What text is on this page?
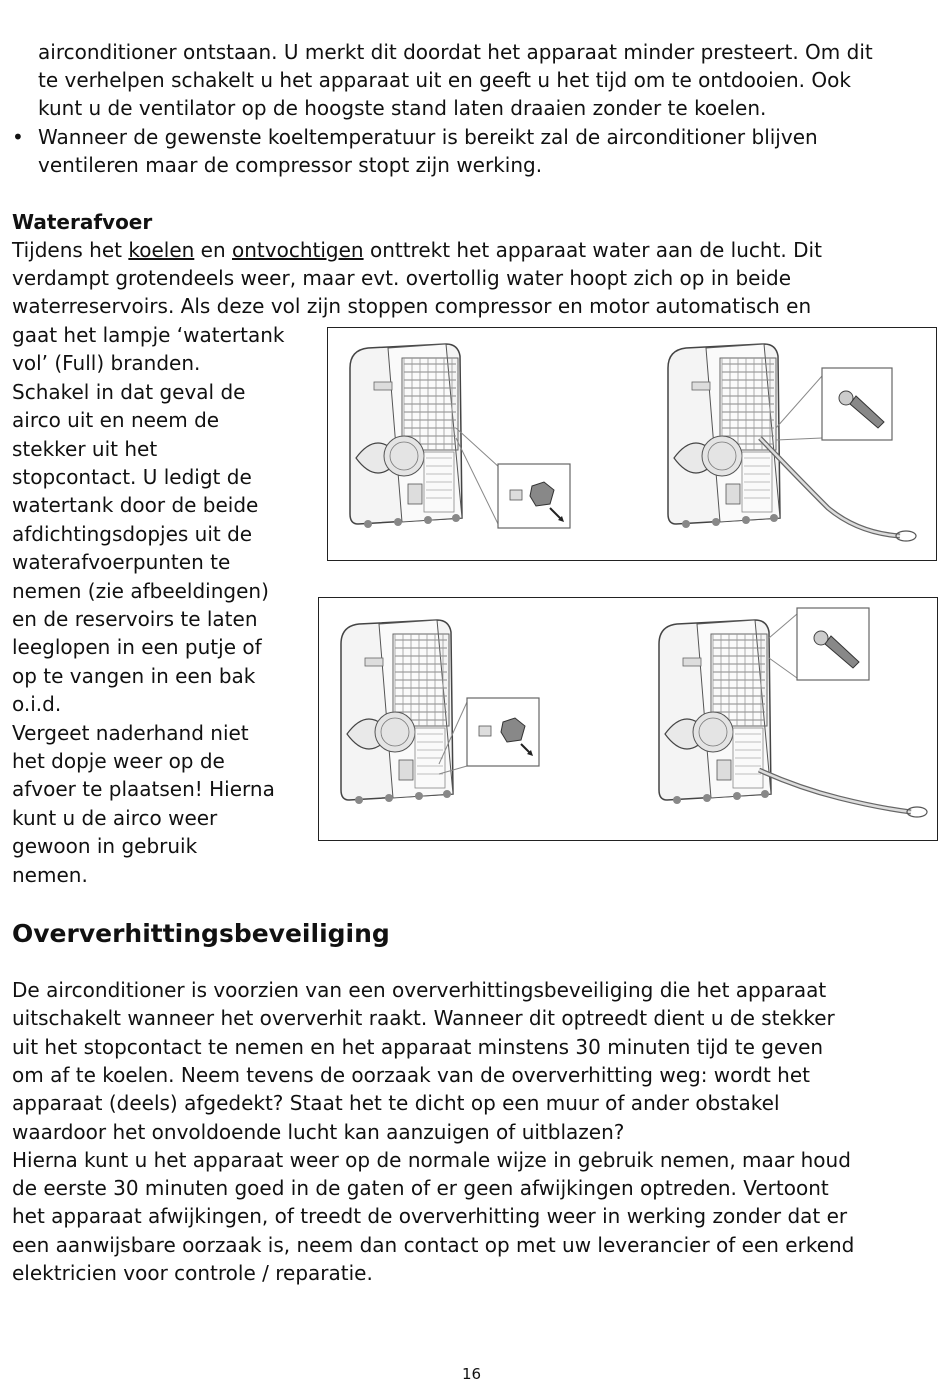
airconditioner ontstaan. U merkt dit doordat het apparaat minder presteert. Om dit
te verhelpen schakelt u het apparaat uit en geeft u het tijd om te ontdooien. Ook
kunt u de ventilator op de hoogste stand laten draaien zonder te koelen.
• Wanneer de gewenste koeltemperatuur is bereikt zal de airconditioner blijven
ventileren maar de compressor stopt zijn werking.
Waterafvoer
Tijdens het koelen en ontvochtigen onttrekt het apparaat water aan de lucht. Dit
verdampt grotendeels weer, maar evt. overtollig water hoopt zich op in beide
waterreservoirs. Als deze vol zijn stoppen compressor en motor automatisch en
gaat het lampje ‘watertank
vol’ (Full) branden.
Schakel in dat geval de
airco uit en neem de
stekker uit het
stopcontact. U ledigt de
watertank door de beide
afdichtingsdopjes uit de
waterafvoerpunten te
nemen (zie afbeeldingen)
en de reservoirs te laten
leeglopen in een putje of
op te vangen in een bak
o.i.d.
Vergeet naderhand niet
het dopje weer op de
afvoer te plaatsen! Hierna
kunt u de airco weer
gewoon in gebruik
nemen.
Oververhittingsbeveiliging
De airconditioner is voorzien van een oververhittingsbeveiliging die het apparaat
uitschakelt wanneer het oververhit raakt. Wanneer dit optreedt dient u de stekker
uit het stopcontact te nemen en het apparaat minstens 30 minuten tijd te geven
om af te koelen. Neem tevens de oorzaak van de oververhitting weg: wordt het
apparaat (deels) afgedekt? Staat het te dicht op een muur of ander obstakel
waardoor het onvoldoende lucht kan aanzuigen of uitblazen?
Hierna kunt u het apparaat weer op de normale wijze in gebruik nemen, maar houd
de eerste 30 minuten goed in de gaten of er geen afwijkingen optreden. Vertoont
het apparaat afwijkingen, of treedt de oververhitting weer in werking zonder dat er
een aanwijsbare oorzaak is, neem dan contact op met uw leverancier of een erkend
elektricien voor controle / reparatie.
16
